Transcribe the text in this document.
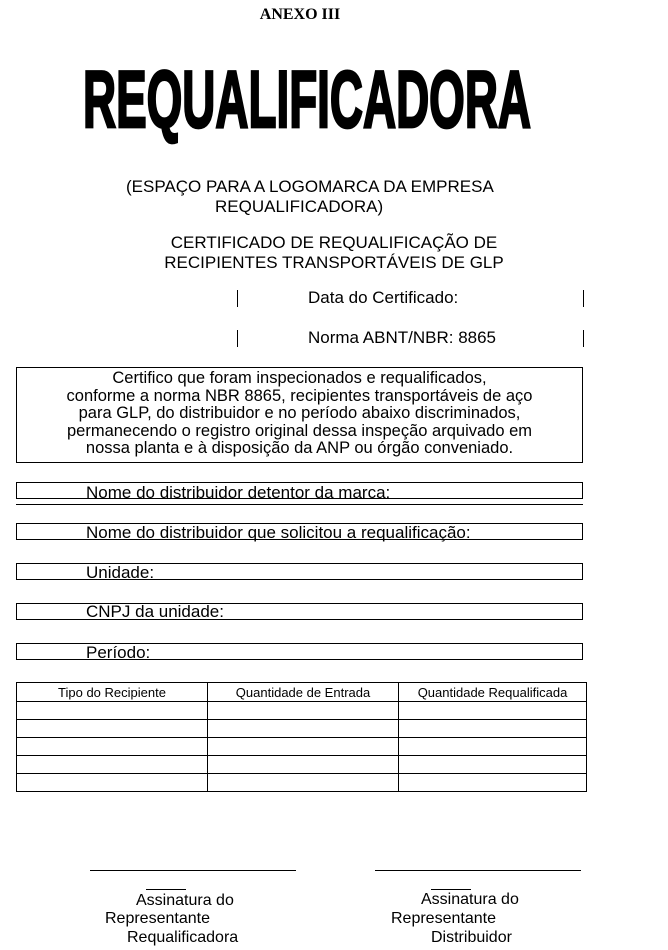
ANEXO III
REQUALIFICADORA
(ESPAÇO PARA A LOGOMARCA DA EMPRESA
REQUALIFICADORA)
CERTIFICADO DE REQUALIFICAÇÃO DE
RECIPIENTES TRANSPORTÁVEIS DE GLP
Data do Certificado:
Norma ABNT/NBR: 8865

Certifico que foram inspecionados e requalificados,

conforme a norma NBR 8865, recipientes transportáveis de aço

para GLP, do distribuidor e no período abaixo discriminados,

permanecendo o registro original dessa inspeção arquivado em

nossa planta e à disposição da ANP ou órgão conveniado.

Nome do distribuidor detentor da marca:
Nome do distribuidor que solicitou a requalificação:
Unidade:
CNPJ da unidade:
Período:
Tipo do Recipiente	Quantidade de Entrada	Quantidade Requalificada

Assinatura do
Representante
Requalificadora
Assinatura do
Representante
Distribuidor
